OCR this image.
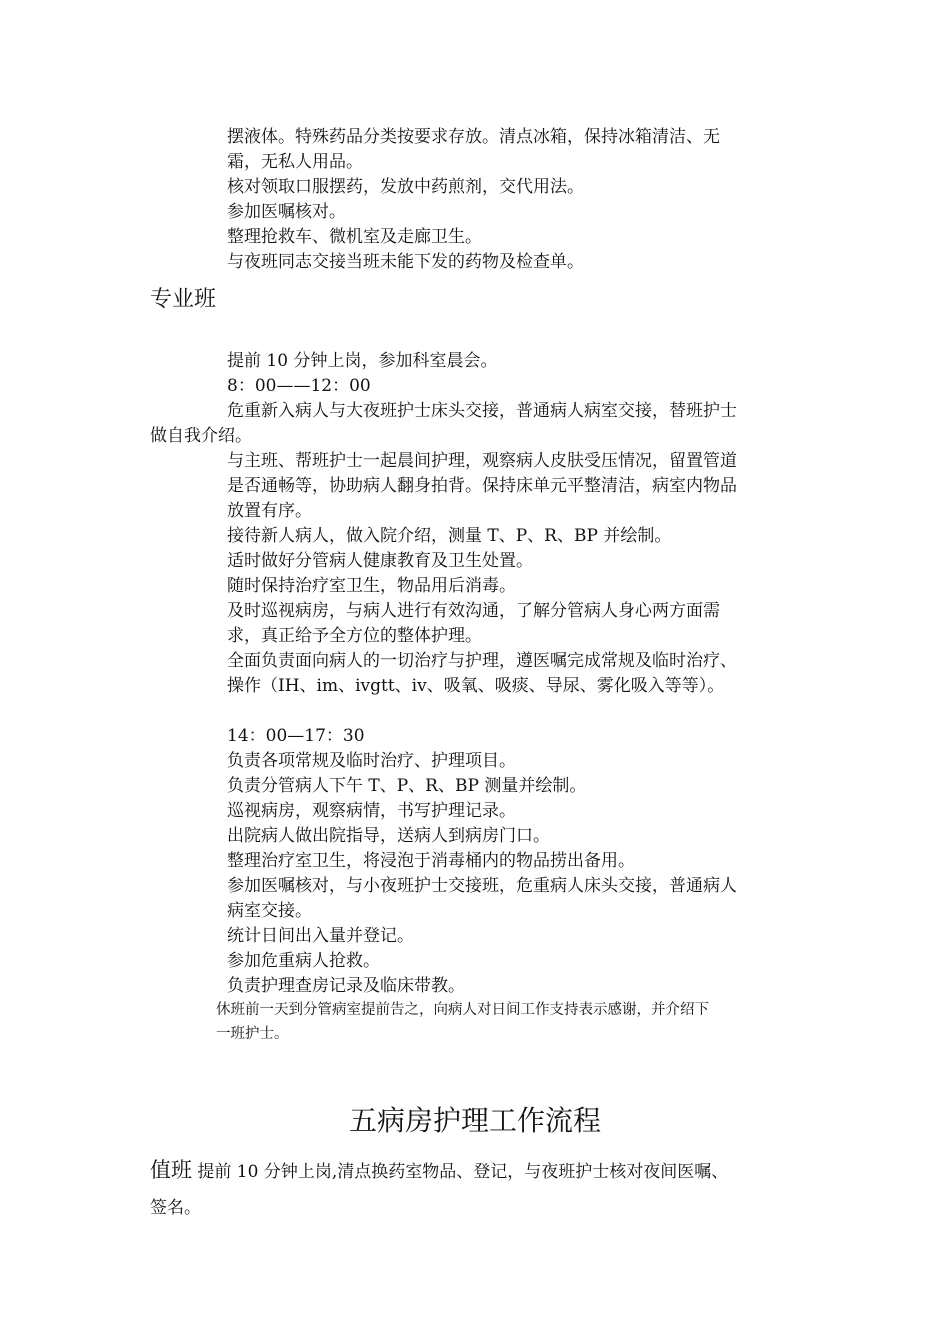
摆液体。特殊药品分类按要求存放。清点冰箱，保持冰箱清洁、无
霜，无私人用品。
核对领取口服摆药，发放中药煎剂，交代用法。
参加医嘱核对。
整理抢救车、微机室及走廊卫生。
与夜班同志交接当班未能下发的药物及检查单。
专业班
提前 10 分钟上岗，参加科室晨会。
8：00——12：00
危重新入病人与大夜班护士床头交接，普通病人病室交接，替班护士
做自我介绍。
与主班、帮班护士一起晨间护理，观察病人皮肤受压情况，留置管道
是否通畅等，协助病人翻身拍背。保持床单元平整清洁，病室内物品
放置有序。
接待新人病人，做入院介绍，测量 T、P、R、BP 并绘制。
适时做好分管病人健康教育及卫生处置。
随时保持治疗室卫生，物品用后消毒。
及时巡视病房，与病人进行有效沟通，了解分管病人身心两方面需
求，真正给予全方位的整体护理。
全面负责面向病人的一切治疗与护理，遵医嘱完成常规及临时治疗、
操作（IH、im、ivgtt、iv、吸氧、吸痰、导尿、雾化吸入等等）。
14：00—17：30
负责各项常规及临时治疗、护理项目。
负责分管病人下午 T、P、R、BP 测量并绘制。
巡视病房，观察病情，书写护理记录。
出院病人做出院指导，送病人到病房门口。
整理治疗室卫生，将浸泡于消毒桶内的物品捞出备用。
参加医嘱核对，与小夜班护士交接班，危重病人床头交接，普通病人
病室交接。
统计日间出入量并登记。
参加危重病人抢救。
负责护理查房记录及临床带教。
休班前一天到分管病室提前告之，向病人对日间工作支持表示感谢，并介绍下
一班护士。
五病房护理工作流程
值班 提前 10 分钟上岗,清点换药室物品、登记，与夜班护士核对夜间医嘱、
签名。
